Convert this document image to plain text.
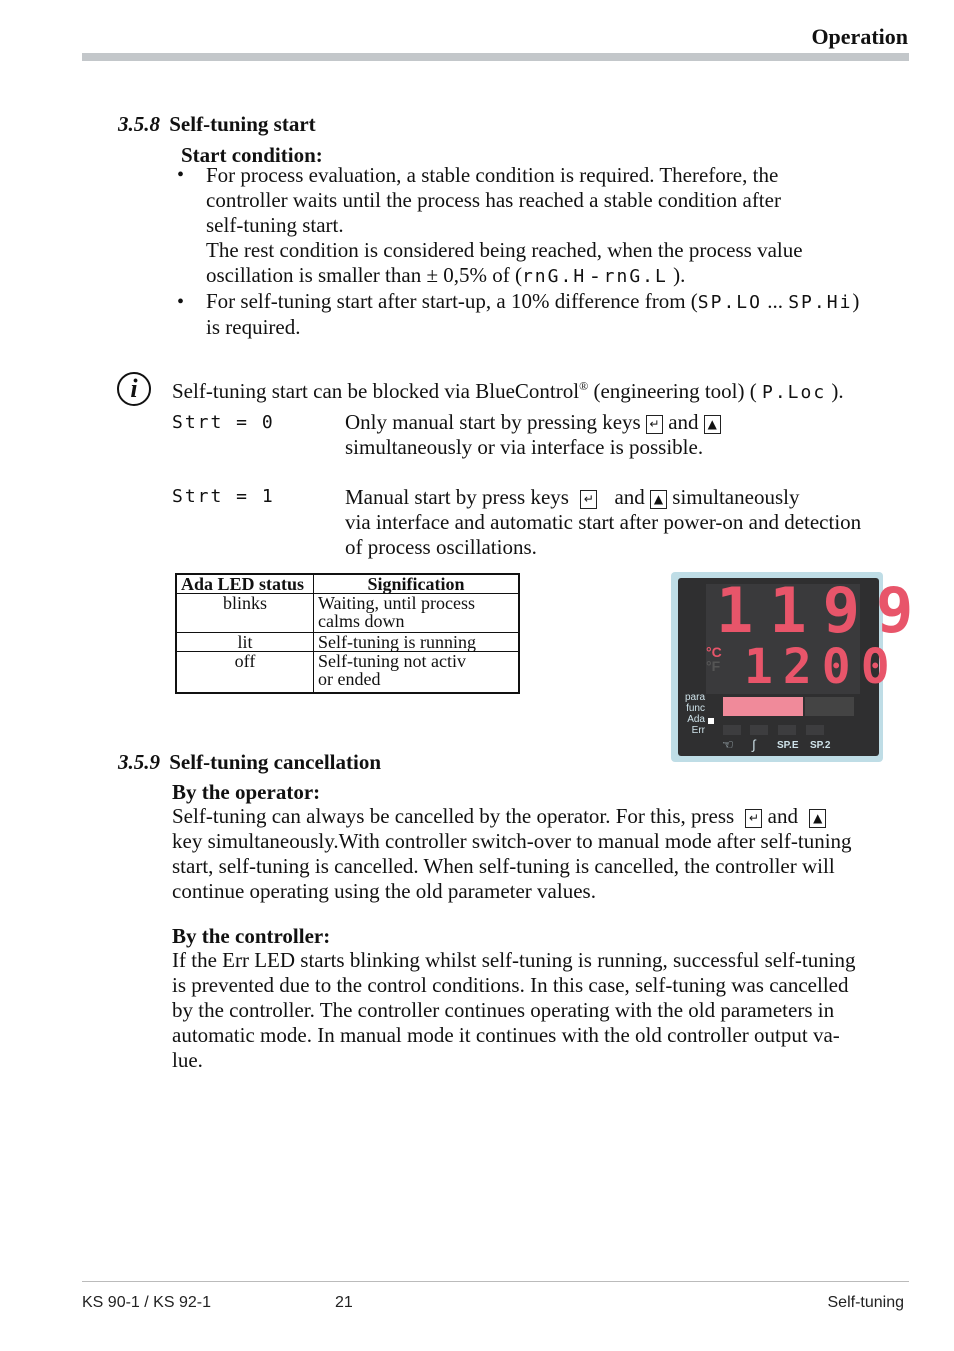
Operation
3.5.8 Self-tuning start
Start condition:
• For process evaluation, a stable condition is required. Therefore, the
controller waits until the process has reached a stable condition after
self-tuning start.
The rest condition is considered being reached, when the process value
oscillation is smaller than ± 0,5% of (rnG.H - rnG.L ).
• For self-tuning start after start-up, a 10% difference from (SP.LO ... SP.Hi)
is required.
i	Self-tuning start can be blocked via BlueControl® (engineering tool) ( P.Loc ).
Strt = 0	Only manual start by pressing keys ↵ and ▲
simultaneously or via interface is possible.
Strt = 1	Manual start by press keys ↵ and ▲ simultaneously
via interface and automatic start after power-on and detection
of process oscillations.
Ada LED status	Signification
blinks	Waiting, until process
calms down

lit	Self-tuning is running
off	Self-tuning not activ
or ended
1199
1200
°C
°F
para
func
Ada
Err
☜ ∫ SP.E SP.2
3.5.9 Self-tuning cancellation
By the operator:
Self-tuning can always be cancelled by the operator. For this, press ↵ and ▲
key simultaneously.With controller switch-over to manual mode after self-tuning
start, self-tuning is cancelled. When self-tuning is cancelled, the controller will
continue operating using the old parameter values.
By the controller:
If the Err LED starts blinking whilst self-tuning is running, successful self-tuning
is prevented due to the control conditions. In this case, self-tuning was cancelled
by the controller. The controller continues operating with the old parameters in
automatic mode. In manual mode it continues with the old controller output va-
lue.
KS 90-1 / KS 92-1	21	Self-tuning
